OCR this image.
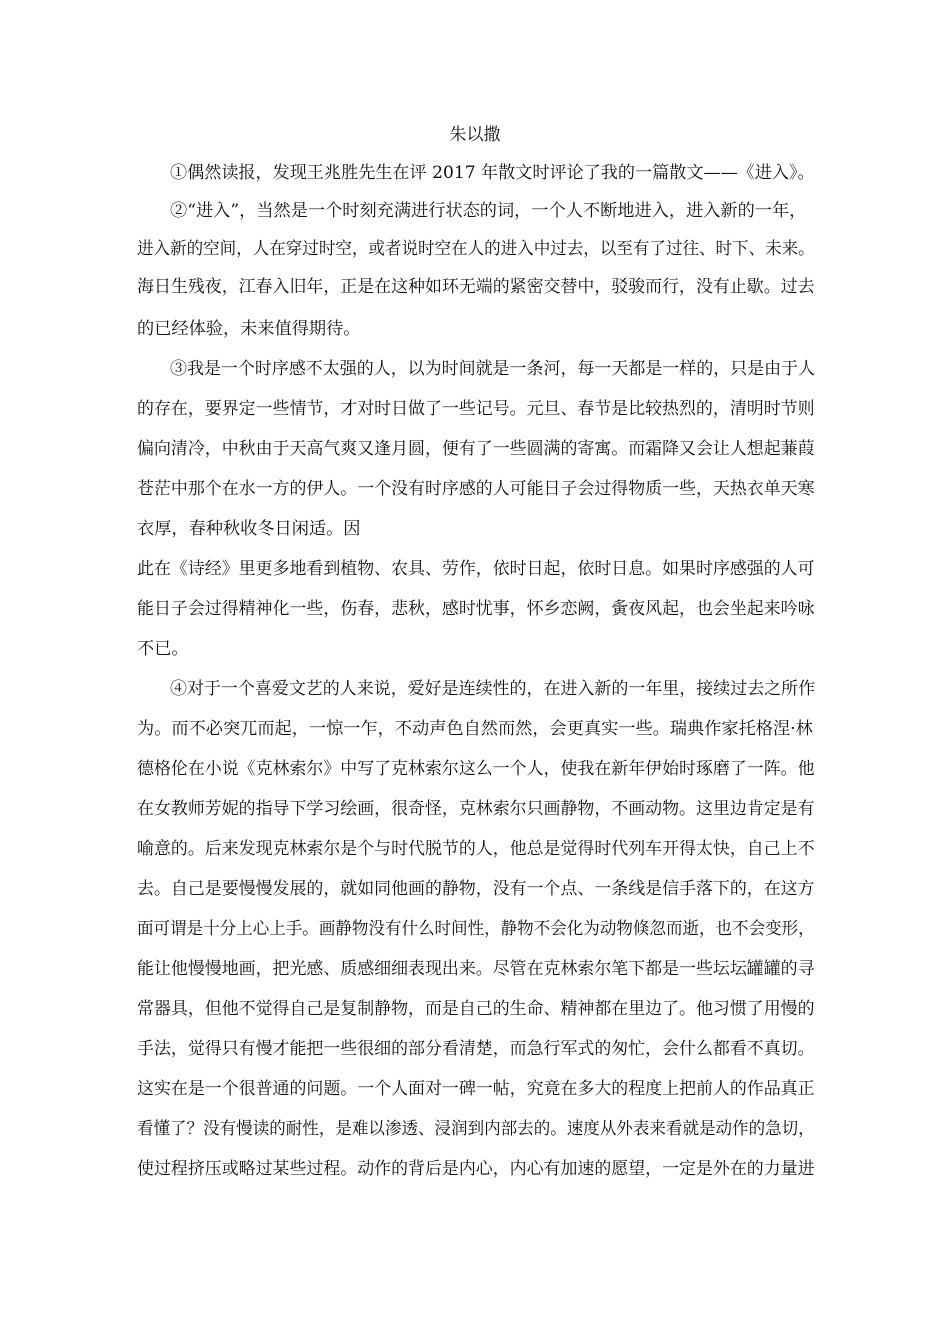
朱以撒

①偶然读报，发现王兆胜先生在评 2017 年散文时评论了我的一篇散文——《进入》。

②“进入”，当然是一个时刻充满进行状态的词，一个人不断地进入，进入新的一年，

进入新的空间，人在穿过时空，或者说时空在人的进入中过去，以至有了过往、时下、未来。

海日生残夜，江春入旧年，正是在这种如环无端的紧密交替中，驳骏而行，没有止歇。过去

的已经体验，未来值得期待。

③我是一个时序感不太强的人，以为时间就是一条河，每一天都是一样的，只是由于人

的存在，要界定一些情节，才对时日做了一些记号。元旦、春节是比较热烈的，清明时节则

偏向清冷，中秋由于天高气爽又逢月圆，便有了一些圆满的寄寓。而霜降又会让人想起蒹葭

苍茫中那个在水一方的伊人。一个没有时序感的人可能日子会过得物质一些，天热衣单天寒

衣厚，春种秋收冬日闲适。因

此在《诗经》里更多地看到植物、农具、劳作，依时日起，依时日息。如果时序感强的人可

能日子会过得精神化一些，伤春，悲秋，感时忧事，怀乡恋阙，夤夜风起，也会坐起来吟咏

不已。

④对于一个喜爱文艺的人来说，爱好是连续性的，在进入新的一年里，接续过去之所作

为。而不必突兀而起，一惊一乍，不动声色自然而然，会更真实一些。瑞典作家托格涅·林

德格伦在小说《克林索尔》中写了克林索尔这么一个人，使我在新年伊始时琢磨了一阵。他

在女教师芳妮的指导下学习绘画，很奇怪，克林索尔只画静物，不画动物。这里边肯定是有

喻意的。后来发现克林索尔是个与时代脱节的人，他总是觉得时代列车开得太快，自己上不

去。自己是要慢慢发展的，就如同他画的静物，没有一个点、一条线是信手落下的，在这方

面可谓是十分上心上手。画静物没有什么时间性，静物不会化为动物倏忽而逝，也不会变形，

能让他慢慢地画，把光感、质感细细表现出来。尽管在克林索尔笔下都是一些坛坛罐罐的寻

常器具，但他不觉得自己是复制静物，而是自己的生命、精神都在里边了。他习惯了用慢的

手法，觉得只有慢才能把一些很细的部分看清楚，而急行军式的匆忙，会什么都看不真切。

这实在是一个很普通的问题。一个人面对一碑一帖，究竟在多大的程度上把前人的作品真正

看懂了？没有慢读的耐性，是难以渗透、浸润到内部去的。速度从外表来看就是动作的急切，

使过程挤压或略过某些过程。动作的背后是内心，内心有加速的愿望，一定是外在的力量进
